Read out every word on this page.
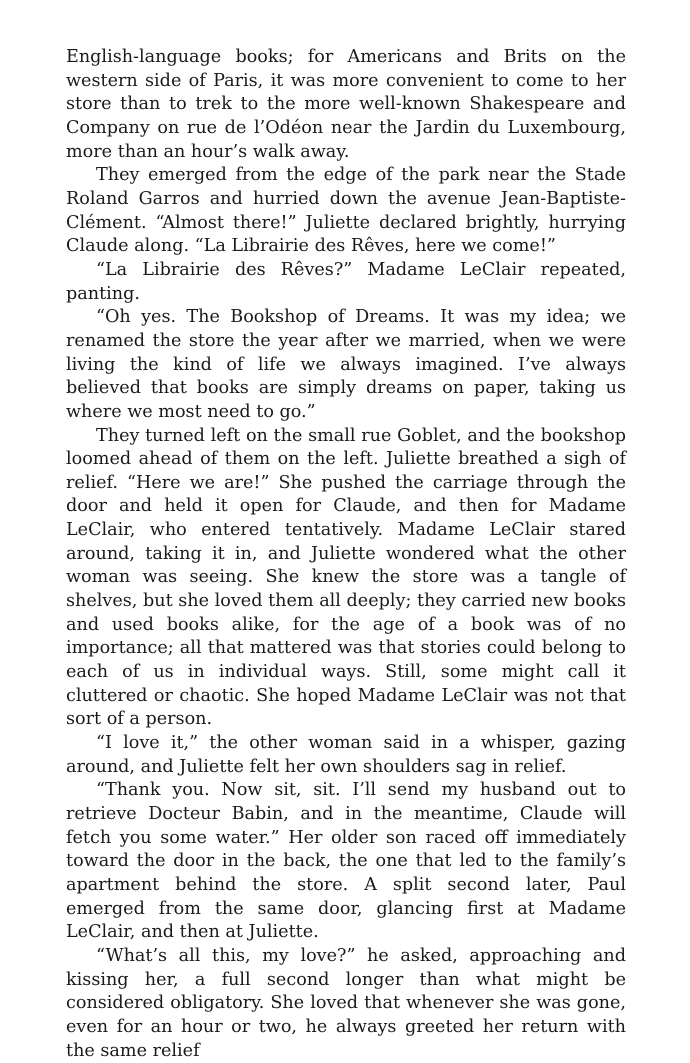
English-language books; for Americans and Brits on the western side of Paris, it was more convenient to come to her store than to trek to the more well-known Shakespeare and Company on rue de l’Odéon near the Jardin du Luxembourg, more than an hour’s walk away.

They emerged from the edge of the park near the Stade Roland Garros and hurried down the avenue Jean-Baptiste-Clément. “Almost there!” Juliette declared brightly, hurrying Claude along. “La Librairie des Rêves, here we come!”

“La Librairie des Rêves?” Madame LeClair repeated, panting.

“Oh yes. The Bookshop of Dreams. It was my idea; we renamed the store the year after we married, when we were living the kind of life we always imagined. I’ve always believed that books are simply dreams on paper, taking us where we most need to go.”

They turned left on the small rue Goblet, and the bookshop loomed ahead of them on the left. Juliette breathed a sigh of relief. “Here we are!” She pushed the carriage through the door and held it open for Claude, and then for Madame LeClair, who entered tentatively. Madame LeClair stared around, taking it in, and Juliette wondered what the other woman was seeing. She knew the store was a tangle of shelves, but she loved them all deeply; they carried new books and used books alike, for the age of a book was of no importance; all that mattered was that stories could belong to each of us in individual ways. Still, some might call it cluttered or chaotic. She hoped Madame LeClair was not that sort of a person.

“I love it,” the other woman said in a whisper, gazing around, and Juliette felt her own shoulders sag in relief.

“Thank you. Now sit, sit. I’ll send my husband out to retrieve Docteur Babin, and in the meantime, Claude will fetch you some water.” Her older son raced off immediately toward the door in the back, the one that led to the family’s apartment behind the store. A split second later, Paul emerged from the same door, glancing first at Madame LeClair, and then at Juliette.

“What’s all this, my love?” he asked, approaching and kissing her, a full second longer than what might be considered obligatory. She loved that whenever she was gone, even for an hour or two, he always greeted her return with the same relief
